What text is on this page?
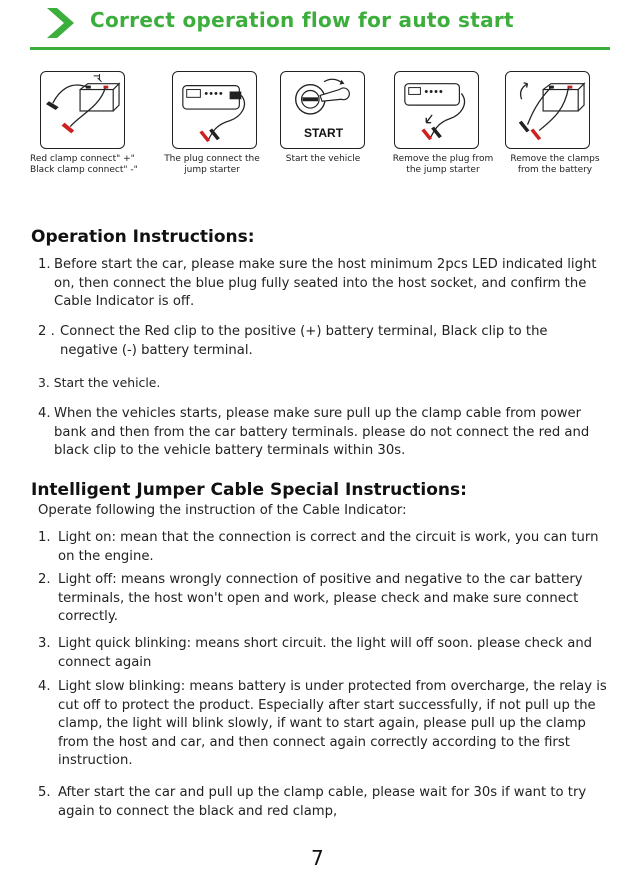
Correct operation flow for auto start
Red clamp connect" +"
Black clamp connect" -"
The plug connect the
jump starter
START
Start the vehicle	Remove the plug from
the jump starter
Remove the clamps
from the battery
Operation Instructions:
1. Before start the car, please make sure the host minimum 2pcs LED indicated light on, then connect the blue plug fully seated into the host socket, and confirm the Cable Indicator is off.
2 . Connect the Red clip to the positive (+) battery terminal, Black clip to the negative (-) battery terminal.
3. Start the vehicle.
4. When the vehicles starts, please make sure pull up the clamp cable from power bank and then from the car battery terminals. please do not connect the red and black clip to the vehicle battery terminals within 30s.
Intelligent Jumper Cable Special Instructions:
Operate following the instruction of the Cable Indicator:
1. Light on: mean that the connection is correct and the circuit is work, you can turn on the engine.
2. Light off: means wrongly connection of positive and negative to the car battery terminals, the host won't open and work, please check and make sure connect correctly.
3. Light quick blinking: means short circuit. the light will off soon. please check and connect again
4. Light slow blinking: means battery is under protected from overcharge, the relay is cut off to protect the product. Especially after start successfully, if not pull up the clamp, the light will blink slowly, if want to start again, please pull up the clamp from the host and car, and then connect again correctly according to the first instruction.
5. After start the car and pull up the clamp cable, please wait for 30s if want to try again to connect the black and red clamp,
7
